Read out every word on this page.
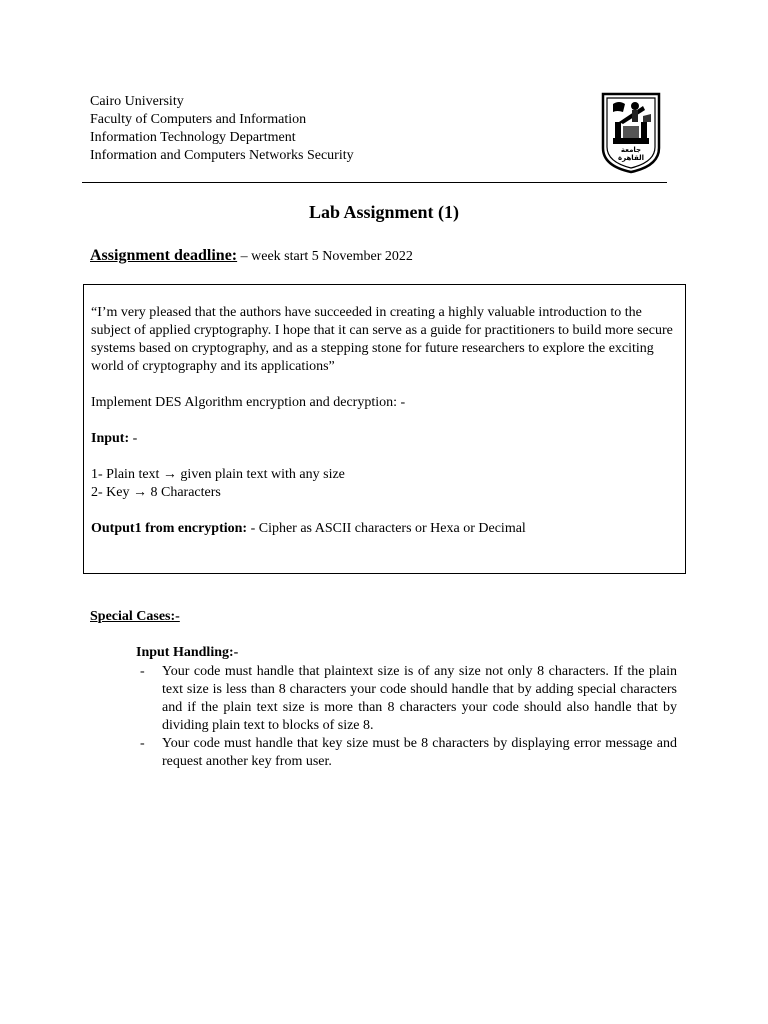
Cairo University
Faculty of Computers and Information
Information Technology Department
Information and Computers Networks Security	جامعة القاهرة
Lab Assignment (1)
Assignment deadline: – week start 5 November 2022
“I’m very pleased that the authors have succeeded in creating a highly valuable introduction to the subject of applied cryptography. I hope that it can serve as a guide for practitioners to build more secure systems based on cryptography, and as a stepping stone for future researchers to explore the exciting world of cryptography and its applications”
Implement DES Algorithm encryption and decryption: -
Input: -
1- Plain text → given plain text with any size
2- Key → 8 Characters
Output1 from encryption: - Cipher as ASCII characters or Hexa or Decimal
Special Cases:-
Input Handling:-
- Your code must handle that plaintext size is of any size not only 8 characters. If the plain text size is less than 8 characters your code should handle that by adding special characters and if the plain text size is more than 8 characters your code should also handle that by dividing plain text to blocks of size 8.
- Your code must handle that key size must be 8 characters by displaying error message and request another key from user.
